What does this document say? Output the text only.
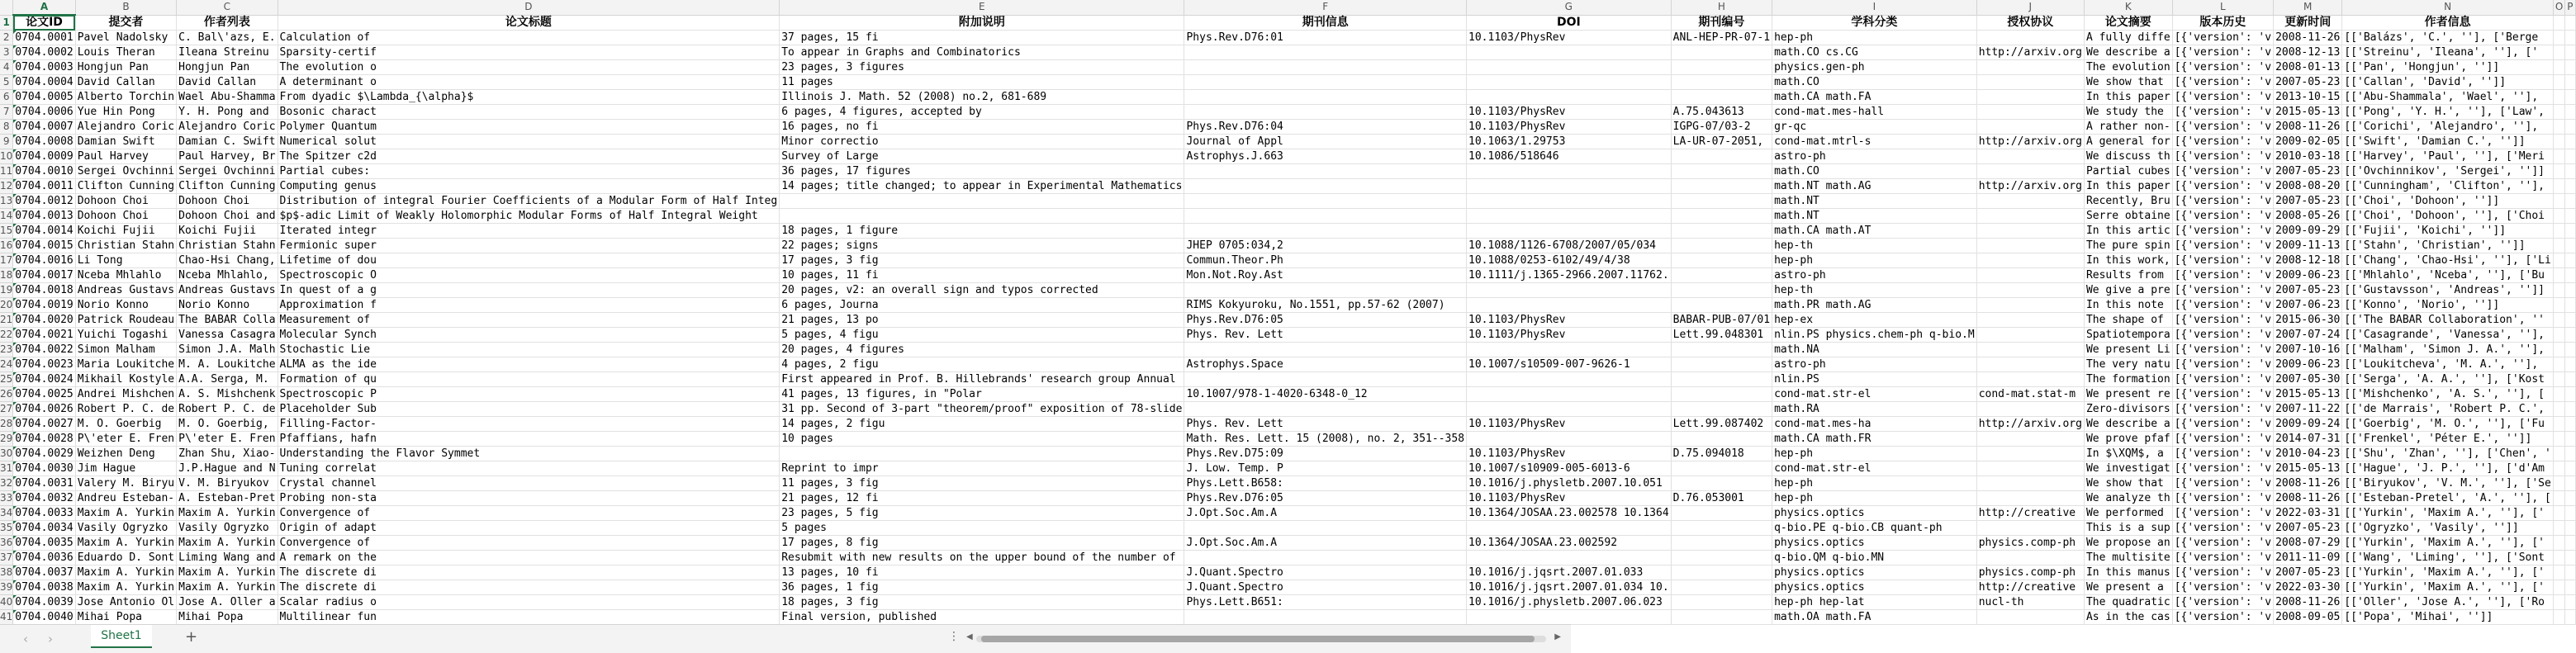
	A	B	C	D	E	F	G	H	I	J	K	L	M	N	O	P
1	论文ID	提交者	作者列表	论文标题	附加说明	期刊信息	DOI	期刊编号	学科分类	授权协议	论文摘要	版本历史	更新时间	作者信息		
2	0704.0001	Pavel Nadolsky	C. Bal\'azs, E.	Calculation of	37 pages, 15 fi	Phys.Rev.D76:01	10.1103/PhysRev	ANL-HEP-PR-07-1	hep-ph		A fully diffe	[{'version': 'v	2008-11-26	[['Balázs', 'C.', ''], ['Berge		
3	0704.0002	Louis Theran	Ileana Streinu	Sparsity-certif	To appear in Graphs and Combinatorics				math.CO cs.CG	http://arxiv.org	We describe a	[{'version': 'v	2008-12-13	[['Streinu', 'Ileana', ''], ['		
4	0704.0003	Hongjun Pan	Hongjun Pan	The evolution o	23 pages, 3 figures				physics.gen-ph		The evolution	[{'version': 'v	2008-01-13	[['Pan', 'Hongjun', '']]		
5	0704.0004	David Callan	David Callan	A determinant o	11 pages				math.CO		We show that	[{'version': 'v	2007-05-23	[['Callan', 'David', '']]		
6	0704.0005	Alberto Torchin	Wael Abu-Shamma	From dyadic $\Lambda_{\alpha}$	Illinois J. Math. 52 (2008) no.2, 681-689				math.CA math.FA		In this paper	[{'version': 'v	2013-10-15	[['Abu-Shammala', 'Wael', ''],		
7	0704.0006	Yue Hin Pong	Y. H. Pong and	Bosonic charact	6 pages, 4 figures, accepted by		10.1103/PhysRev	A.75.043613	cond-mat.mes-hall		We study the	[{'version': 'v	2015-05-13	[['Pong', 'Y. H.', ''], ['Law',		
8	0704.0007	Alejandro Coric	Alejandro Coric	Polymer Quantum	16 pages, no fi	Phys.Rev.D76:04	10.1103/PhysRev	IGPG-07/03-2	gr-qc		A rather non-	[{'version': 'v	2008-11-26	[['Corichi', 'Alejandro', ''],		
9	0704.0008	Damian Swift	Damian C. Swift	Numerical solut	Minor correctio	Journal of Appl	10.1063/1.29753	LA-UR-07-2051,	cond-mat.mtrl-s	http://arxiv.org	A general for	[{'version': 'v	2009-02-05	[['Swift', 'Damian C.', '']]		
10	0704.0009	Paul Harvey	Paul Harvey, Br	The Spitzer c2d	Survey of Large	Astrophys.J.663	10.1086/518646		astro-ph		We discuss th	[{'version': 'v	2010-03-18	[['Harvey', 'Paul', ''], ['Meri		
11	0704.0010	Sergei Ovchinni	Sergei Ovchinni	Partial cubes:	36 pages, 17 figures				math.CO		Partial cubes	[{'version': 'v	2007-05-23	[['Ovchinnikov', 'Sergei', '']]		
12	0704.0011	Clifton Cunning	Clifton Cunning	Computing genus	14 pages; title changed; to appear in Experimental Mathematics				math.NT math.AG	http://arxiv.org	In this paper	[{'version': 'v	2008-08-20	[['Cunningham', 'Clifton', ''],		
13	0704.0012	Dohoon Choi	Dohoon Choi	Distribution of integral Fourier Coefficients of a Modular Form of Half Integ					math.NT		Recently, Bru	[{'version': 'v	2007-05-23	[['Choi', 'Dohoon', '']]		
14	0704.0013	Dohoon Choi	Dohoon Choi and	$p$-adic Limit of Weakly Holomorphic Modular Forms of Half Integral Weight					math.NT		Serre obtaine	[{'version': 'v	2008-05-26	[['Choi', 'Dohoon', ''], ['Choi		
15	0704.0014	Koichi Fujii	Koichi Fujii	Iterated integr	18 pages, 1 figure				math.CA math.AT		In this artic	[{'version': 'v	2009-09-29	[['Fujii', 'Koichi', '']]		
16	0704.0015	Christian Stahn	Christian Stahn	Fermionic super	22 pages; signs	JHEP 0705:034,2	10.1088/1126-6708/2007/05/034		hep-th		The pure spin	[{'version': 'v	2009-11-13	[['Stahn', 'Christian', '']]		
17	0704.0016	Li Tong	Chao-Hsi Chang,	Lifetime of dou	17 pages, 3 fig	Commun.Theor.Ph	10.1088/0253-6102/49/4/38		hep-ph		In this work,	[{'version': 'v	2008-12-18	[['Chang', 'Chao-Hsi', ''], ['Li		
18	0704.0017	Nceba Mhlahlo	Nceba Mhlahlo,	Spectroscopic O	10 pages, 11 fi	Mon.Not.Roy.Ast	10.1111/j.1365-2966.2007.11762.		astro-ph		Results from	[{'version': 'v	2009-06-23	[['Mhlahlo', 'Nceba', ''], ['Bu		
19	0704.0018	Andreas Gustavs	Andreas Gustavs	In quest of a g	20 pages, v2: an overall sign and typos corrected				hep-th		We give a pre	[{'version': 'v	2007-05-23	[['Gustavsson', 'Andreas', '']]		
20	0704.0019	Norio Konno	Norio Konno	Approximation f	6 pages, Journa	RIMS Kokyuroku, No.1551, pp.57-62 (2007)			math.PR math.AG		In this note	[{'version': 'v	2007-06-23	[['Konno', 'Norio', '']]		
21	0704.0020	Patrick Roudeau	The BABAR Colla	Measurement of	21 pages, 13 po	Phys.Rev.D76:05	10.1103/PhysRev	BABAR-PUB-07/01	hep-ex		The shape of	[{'version': 'v	2015-06-30	[['The BABAR Collaboration', ''		
22	0704.0021	Yuichi Togashi	Vanessa Casagra	Molecular Synch	5 pages, 4 figu	Phys. Rev. Lett	10.1103/PhysRev	Lett.99.048301	nlin.PS physics.chem-ph q-bio.M		Spatiotempora	[{'version': 'v	2007-07-24	[['Casagrande', 'Vanessa', ''],		
23	0704.0022	Simon Malham	Simon J.A. Malh	Stochastic Lie	20 pages, 4 figures				math.NA		We present Li	[{'version': 'v	2007-10-16	[['Malham', 'Simon J. A.', ''],		
24	0704.0023	Maria Loukitche	M. A. Loukitche	ALMA as the ide	4 pages, 2 figu	Astrophys.Space	10.1007/s10509-007-9626-1		astro-ph		The very natu	[{'version': 'v	2009-06-23	[['Loukitcheva', 'M. A.', ''],		
25	0704.0024	Mikhail Kostyle	A.A. Serga, M.	Formation of qu	First appeared in Prof. B. Hillebrands' research group Annual				nlin.PS		The formation	[{'version': 'v	2007-05-30	[['Serga', 'A. A.', ''], ['Kost		
26	0704.0025	Andrei Mishchen	A. S. Mishchenk	Spectroscopic P	41 pages, 13 figures, in "Polar	10.1007/978-1-4020-6348-0_12			cond-mat.str-el	cond-mat.stat-m	We present re	[{'version': 'v	2015-05-13	[['Mishchenko', 'A. S.', ''], [		
27	0704.0026	Robert P. C. de	Robert P. C. de	Placeholder Sub	31 pp. Second of 3-part "theorem/proof" exposition of 78-slide				math.RA		Zero-divisors	[{'version': 'v	2007-11-22	[['de Marrais', 'Robert P. C.',		
28	0704.0027	M. O. Goerbig	M. O. Goerbig,	Filling-Factor-	14 pages, 2 figu	Phys. Rev. Lett	10.1103/PhysRev	Lett.99.087402	cond-mat.mes-ha	http://arxiv.org	We describe a	[{'version': 'v	2009-09-24	[['Goerbig', 'M. O.', ''], ['Fu		
29	0704.0028	P\'eter E. Fren	P\'eter E. Fren	Pfaffians, hafn	10 pages	Math. Res. Lett. 15 (2008), no. 2, 351--358			math.CA math.FR		We prove pfaf	[{'version': 'v	2014-07-31	[['Frenkel', 'Péter E.', '']]		
30	0704.0029	Weizhen Deng	Zhan Shu, Xiao-	Understanding the Flavor Symmet		Phys.Rev.D75:09	10.1103/PhysRev	D.75.094018	hep-ph		In $\XQM$, a	[{'version': 'v	2010-04-23	[['Shu', 'Zhan', ''], ['Chen', '		
31	0704.0030	Jim Hague	J.P.Hague and N	Tuning correlat	Reprint to impr	J. Low. Temp. P	10.1007/s10909-005-6013-6		cond-mat.str-el		We investigat	[{'version': 'v	2015-05-13	[['Hague', 'J. P.', ''], ['d'Am		
32	0704.0031	Valery M. Biryu	V. M. Biryukov	Crystal channel	11 pages, 3 fig	Phys.Lett.B658:	10.1016/j.physletb.2007.10.051		hep-ph		We show that	[{'version': 'v	2008-11-26	[['Biryukov', 'V. M.', ''], ['Se		
33	0704.0032	Andreu Esteban-	A. Esteban-Pret	Probing non-sta	21 pages, 12 fi	Phys.Rev.D76:05	10.1103/PhysRev	D.76.053001	hep-ph		We analyze th	[{'version': 'v	2008-11-26	[['Esteban-Pretel', 'A.', ''], [		
34	0704.0033	Maxim A. Yurkin	Maxim A. Yurkin	Convergence of	23 pages, 5 fig	J.Opt.Soc.Am.A	10.1364/JOSAA.23.002578 10.1364		physics.optics	http://creative	We performed	[{'version': 'v	2022-03-31	[['Yurkin', 'Maxim A.', ''], ['		
35	0704.0034	Vasily Ogryzko	Vasily Ogryzko	Origin of adapt	5 pages				q-bio.PE q-bio.CB quant-ph		This is a sup	[{'version': 'v	2007-05-23	[['Ogryzko', 'Vasily', '']]		
36	0704.0035	Maxim A. Yurkin	Maxim A. Yurkin	Convergence of	17 pages, 8 fig	J.Opt.Soc.Am.A	10.1364/JOSAA.23.002592		physics.optics	physics.comp-ph	We propose an	[{'version': 'v	2008-07-29	[['Yurkin', 'Maxim A.', ''], ['		
37	0704.0036	Eduardo D. Sont	Liming Wang and	A remark on the	Resubmit with new results on the upper bound of the number of				q-bio.QM q-bio.MN		The multisite	[{'version': 'v	2011-11-09	[['Wang', 'Liming', ''], ['Sont		
38	0704.0037	Maxim A. Yurkin	Maxim A. Yurkin	The discrete di	13 pages, 10 fi	J.Quant.Spectro	10.1016/j.jqsrt.2007.01.033		physics.optics	physics.comp-ph	In this manus	[{'version': 'v	2007-05-23	[['Yurkin', 'Maxim A.', ''], ['		
39	0704.0038	Maxim A. Yurkin	Maxim A. Yurkin	The discrete di	36 pages, 1 fig	J.Quant.Spectro	10.1016/j.jqsrt.2007.01.034 10.		physics.optics	http://creative	We present a	[{'version': 'v	2022-03-30	[['Yurkin', 'Maxim A.', ''], ['		
40	0704.0039	Jose Antonio Ol	Jose A. Oller a	Scalar radius o	18 pages, 3 fig	Phys.Lett.B651:	10.1016/j.physletb.2007.06.023		hep-ph hep-lat	nucl-th	The quadratic	[{'version': 'v	2008-11-26	[['Oller', 'Jose A.', ''], ['Ro		
41	0704.0040	Mihai Popa	Mihai Popa	Multilinear fun	Final version, published				math.OA math.FA		As in the cas	[{'version': 'v	2008-09-05	[['Popa', 'Mihai', '']]		
‹ ›	Sheet1	+	⋮ ◀	▶
